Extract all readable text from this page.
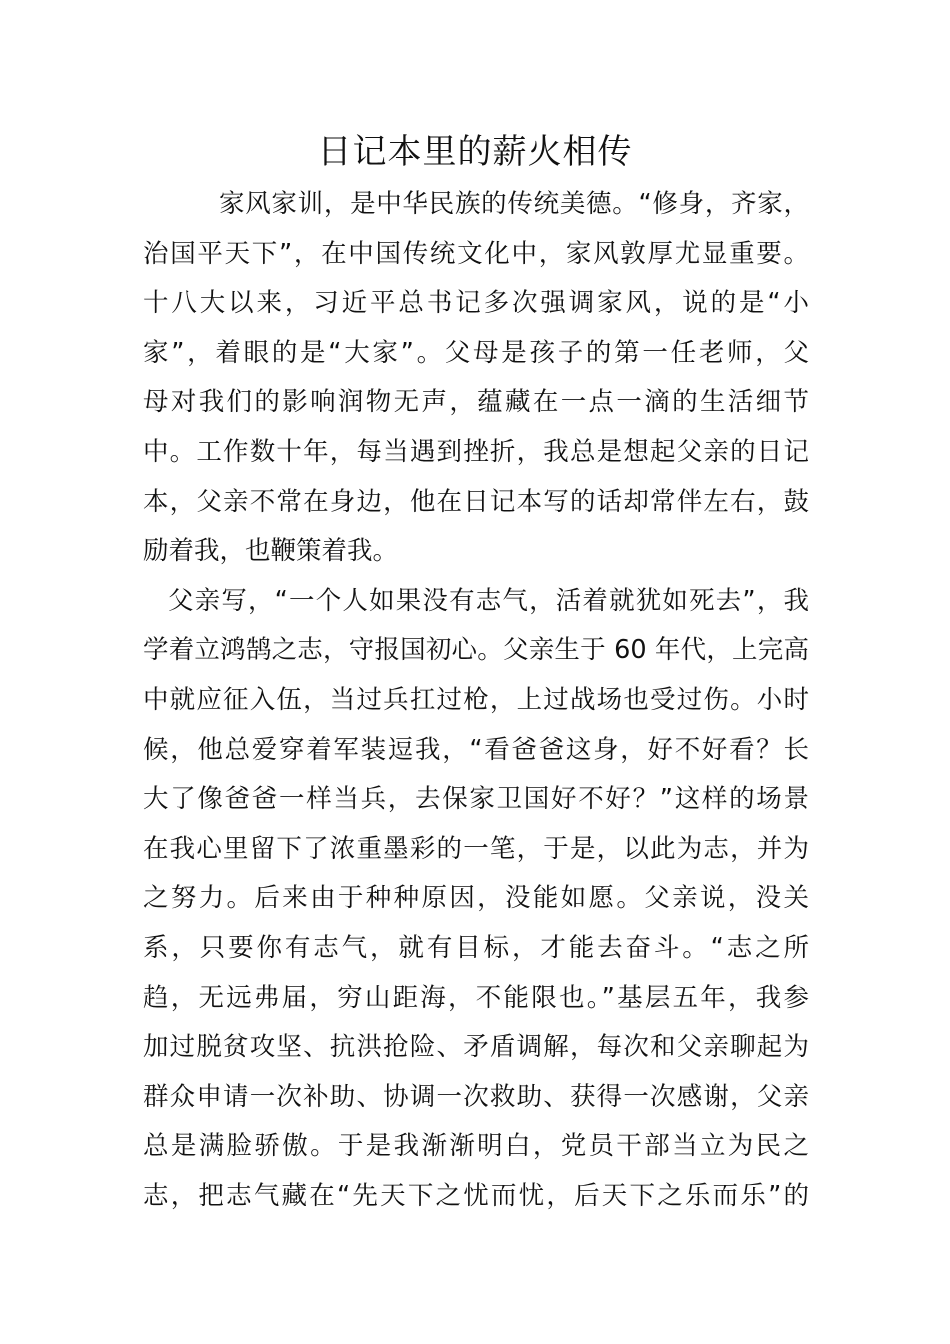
日记本里的薪火相传
家风家训，是中华民族的传统美德。“修身，齐家，
治国平天下”，在中国传统文化中，家风敦厚尤显重要。
十八大以来，习近平总书记多次强调家风，说的是“小
家”，着眼的是“大家”。父母是孩子的第一任老师，父
母对我们的影响润物无声，蕴藏在一点一滴的生活细节
中。工作数十年，每当遇到挫折，我总是想起父亲的日记
本，父亲不常在身边，他在日记本写的话却常伴左右，鼓
励着我，也鞭策着我。
父亲写，“一个人如果没有志气，活着就犹如死去”，我
学着立鸿鹄之志，守报国初心。父亲生于 60 年代，上完高
中就应征入伍，当过兵扛过枪，上过战场也受过伤。小时
候，他总爱穿着军装逗我，“看爸爸这身，好不好看？长
大了像爸爸一样当兵，去保家卫国好不好？”这样的场景
在我心里留下了浓重墨彩的一笔，于是，以此为志，并为
之努力。后来由于种种原因，没能如愿。父亲说，没关
系，只要你有志气，就有目标，才能去奋斗。“志之所
趋，无远弗届，穷山距海，不能限也。”基层五年，我参
加过脱贫攻坚、抗洪抢险、矛盾调解，每次和父亲聊起为
群众申请一次补助、协调一次救助、获得一次感谢，父亲
总是满脸骄傲。于是我渐渐明白，党员干部当立为民之
志，把志气藏在“先天下之忧而忧，后天下之乐而乐”的
